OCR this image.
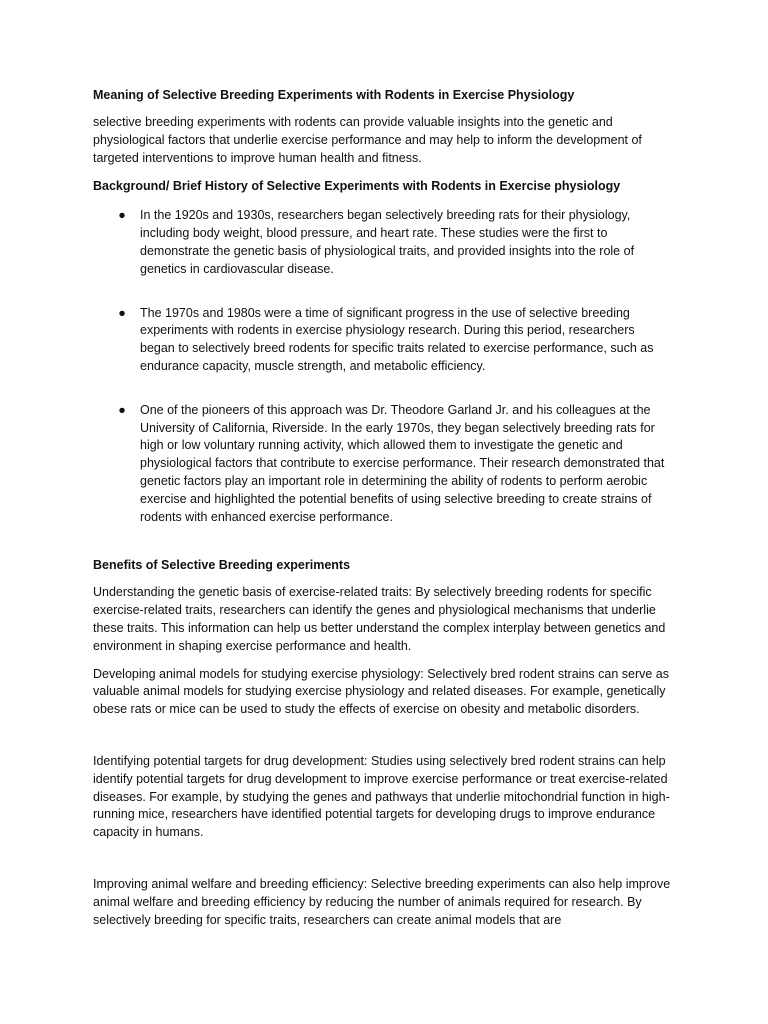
Meaning of Selective Breeding Experiments with Rodents in Exercise Physiology
selective breeding experiments with rodents can provide valuable insights into the genetic and physiological factors that underlie exercise performance and may help to inform the development of targeted interventions to improve human health and fitness.
Background/ Brief History of Selective Experiments with Rodents in Exercise physiology
● In the 1920s and 1930s, researchers began selectively breeding rats for their physiology, including body weight, blood pressure, and heart rate. These studies were the first to demonstrate the genetic basis of physiological traits, and provided insights into the role of genetics in cardiovascular disease.
● The 1970s and 1980s were a time of significant progress in the use of selective breeding experiments with rodents in exercise physiology research. During this period, researchers began to selectively breed rodents for specific traits related to exercise performance, such as endurance capacity, muscle strength, and metabolic efficiency.
● One of the pioneers of this approach was Dr. Theodore Garland Jr. and his colleagues at the University of California, Riverside. In the early 1970s, they began selectively breeding rats for high or low voluntary running activity, which allowed them to investigate the genetic and physiological factors that contribute to exercise performance. Their research demonstrated that genetic factors play an important role in determining the ability of rodents to perform aerobic exercise and highlighted the potential benefits of using selective breeding to create strains of rodents with enhanced exercise performance.
Benefits of Selective Breeding experiments
Understanding the genetic basis of exercise-related traits: By selectively breeding rodents for specific exercise-related traits, researchers can identify the genes and physiological mechanisms that underlie these traits. This information can help us better understand the complex interplay between genetics and environment in shaping exercise performance and health.
Developing animal models for studying exercise physiology: Selectively bred rodent strains can serve as valuable animal models for studying exercise physiology and related diseases. For example, genetically obese rats or mice can be used to study the effects of exercise on obesity and metabolic disorders.
Identifying potential targets for drug development: Studies using selectively bred rodent strains can help identify potential targets for drug development to improve exercise performance or treat exercise-related diseases. For example, by studying the genes and pathways that underlie mitochondrial function in high-running mice, researchers have identified potential targets for developing drugs to improve endurance capacity in humans.
Improving animal welfare and breeding efficiency: Selective breeding experiments can also help improve animal welfare and breeding efficiency by reducing the number of animals required for research. By selectively breeding for specific traits, researchers can create animal models that are
